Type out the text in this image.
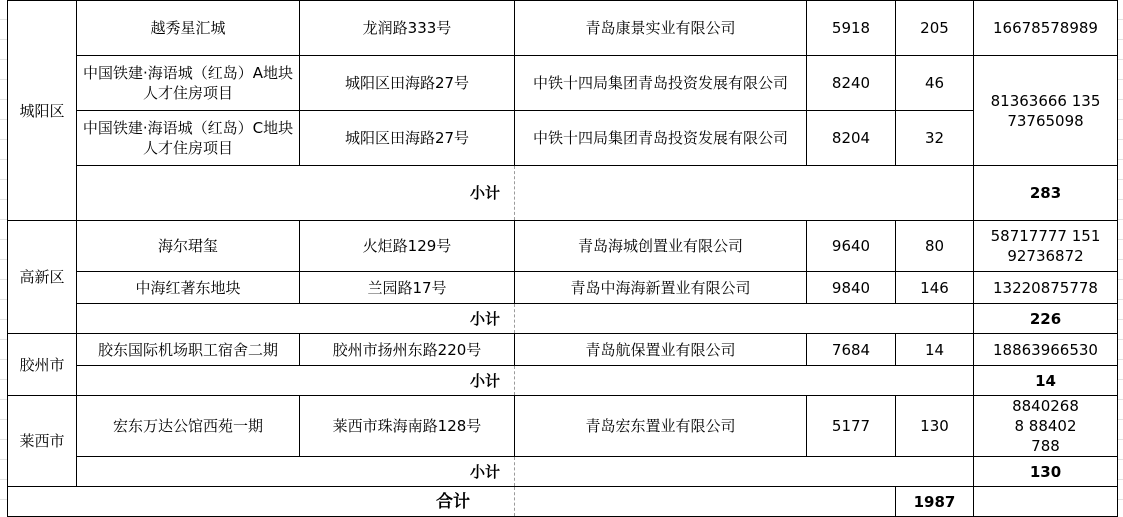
城阳区	越秀星汇城	龙润路333号	青岛康景实业有限公司	5918	205	16678578989	
	中国铁建·海语城（红岛）A地块人才住房项目	城阳区田海路27号	中铁十四局集团青岛投资发展有限公司	8240	46	81363666 13573765098	
	中国铁建·海语城（红岛）C地块人才住房项目	城阳区田海路27号	中铁十四局集团青岛投资发展有限公司	8204	32		
	小计					283	
高新区	海尔珺玺	火炬路129号	青岛海城创置业有限公司	9640	80	58717777 15192736872	
	中海红著东地块	兰园路17号	青岛中海海新置业有限公司	9840	146	13220875778	
	小计					226	
胶州市	胶东国际机场职工宿舍二期	胶州市扬州东路220号	青岛航保置业有限公司	7684	14	18863966530	
	小计					14	
莱西市	宏东万达公馆西苑一期	莱西市珠海南路128号	青岛宏东置业有限公司	5177	130	88402688 88402788	
	小计					130	
合计					1987		
